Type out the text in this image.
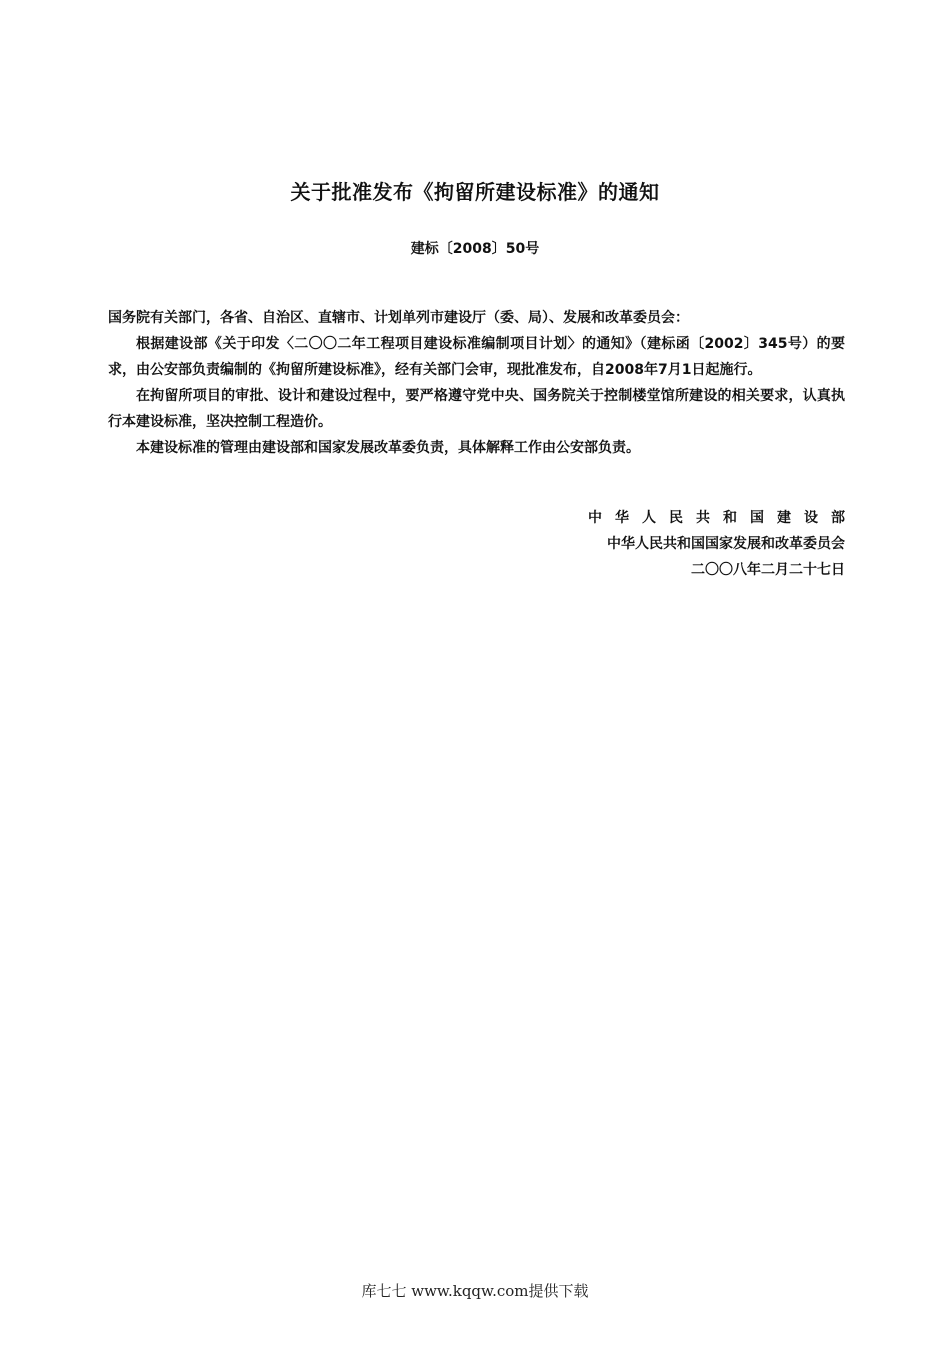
关于批准发布《拘留所建设标准》的通知
建标〔2008〕50号

国务院有关部门，各省、自治区、直辖市、计划单列市建设厅（委、局）、发展和改革委员会：

根据建设部《关于印发〈二〇〇二年工程项目建设标准编制项目计划〉的通知》（建标函〔2002〕345号）的要求，由公安部负责编制的《拘留所建设标准》，经有关部门会审，现批准发布，自2008年7月1日起施行。

在拘留所项目的审批、设计和建设过程中，要严格遵守党中央、国务院关于控制楼堂馆所建设的相关要求，认真执行本建设标准，坚决控制工程造价。

本建设标准的管理由建设部和国家发展改革委负责，具体解释工作由公安部负责。

中华人民共和国建设部
中华人民共和国国家发展和改革委员会
二〇〇八年二月二十七日
库七七 www.kqqw.com提供下载
